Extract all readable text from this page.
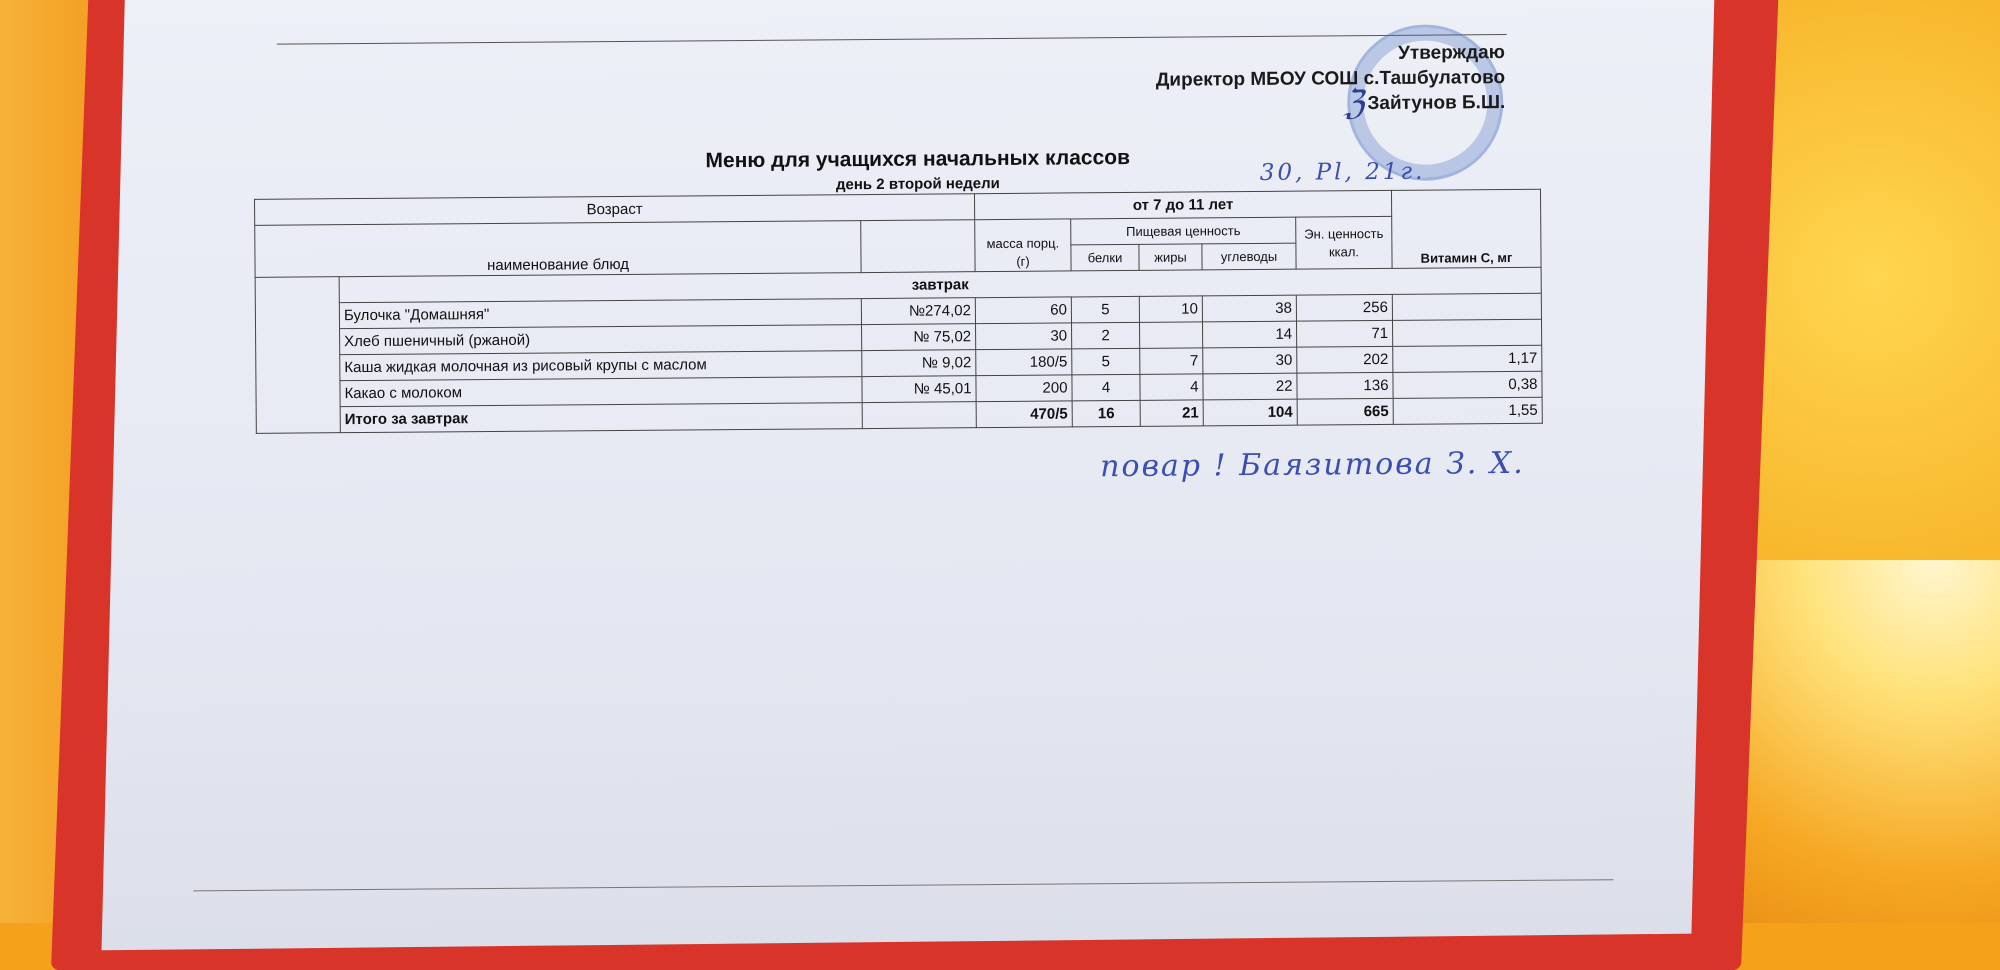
ℨ
Утверждаю
Директор МБОУ СОШ с.Ташбулатово
Зайтунов Б.Ш.
Меню для учащихся начальных классов
день 2 второй недели	30, Pl, 21г.
Возраст			от 7 до 11 лет					Витамин С, мг
наименование блюд			масса порц. (г)	Пищевая ценность			Эн. ценность ккал.	
				белки	жиры	углеводы		
	завтрак							
	Булочка "Домашняя"	№274,02	60	5	10	38	256	
	Хлеб пшеничный (ржаной)	№ 75,02	30	2		14	71	
	Каша жидкая молочная из рисовый крупы с маслом	№ 9,02	180/5	5	7	30	202	1,17
	Какао с молоком	№ 45,01	200	4	4	22	136	0,38
	Итого за завтрак		470/5	16	21	104	665	1,55
повар ! Баязитова З. Х.
